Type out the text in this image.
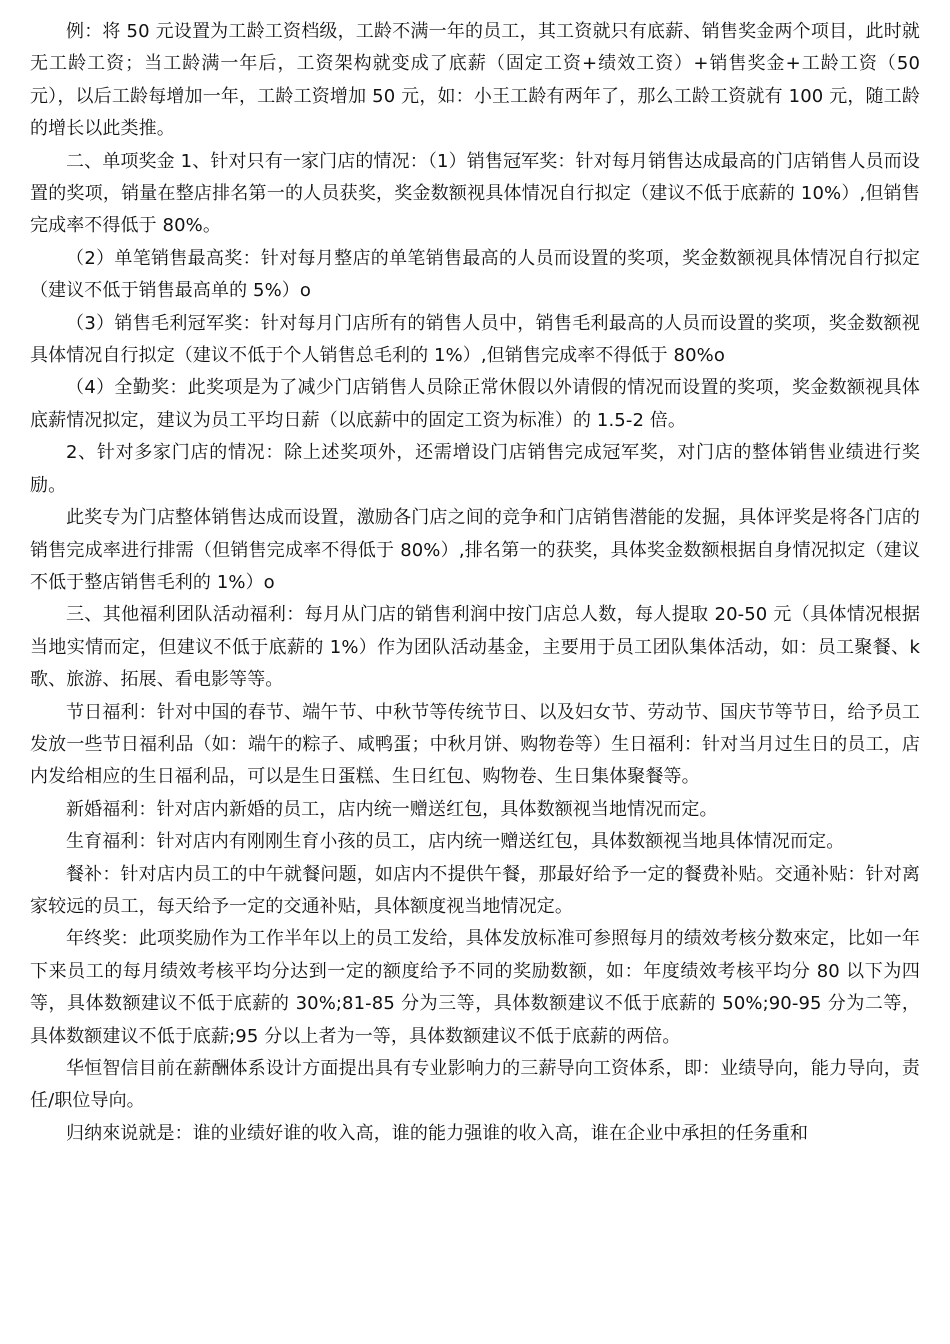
例：将 50 元设置为工龄工资档级，工龄不满一年的员工，其工资就只有底薪、销售奖金两个项目，此时就无工龄工资；当工龄满一年后，工资架构就变成了底薪（固定工资+绩效工资）+销售奖金+工龄工资（50 元），以后工龄每增加一年，工龄工资增加 50 元，如：小王工龄有两年了，那么工龄工资就有 100 元，随工龄的增长以此类推。

二、单项奖金 1、针对只有一家门店的情况：（1）销售冠军奖：针对每月销售达成最高的门店销售人员而设置的奖项，销量在整店排名第一的人员获奖，奖金数额视具体情况自行拟定（建议不低于底薪的 10%）,但销售完成率不得低于 80%。

（2）单笔销售最高奖：针对每月整店的单笔销售最高的人员而设置的奖项，奖金数额视具体情况自行拟定（建议不低于销售最高单的 5%）o

（3）销售毛利冠军奖：针对每月门店所有的销售人员中，销售毛利最高的人员而设置的奖项，奖金数额视具体情况自行拟定（建议不低于个人销售总毛利的 1%）,但销售完成率不得低于 80%o

（4）全勤奖：此奖项是为了减少门店销售人员除正常休假以外请假的情况而设置的奖项，奖金数额视具体底薪情况拟定，建议为员工平均日薪（以底薪中的固定工资为标准）的 1.5-2 倍。

2、针对多家门店的情况：除上述奖项外，还需增设门店销售完成冠军奖，对门店的整体销售业绩进行奖励。

此奖专为门店整体销售达成而设置，激励各门店之间的竞争和门店销售潜能的发掘，具体评奖是将各门店的销售完成率进行排需（但销售完成率不得低于 80%）,排名第一的获奖，具体奖金数额根据自身情况拟定（建议不低于整店销售毛利的 1%）o

三、其他福利团队活动福利：每月从门店的销售利润中按门店总人数，每人提取 20-50 元（具体情况根据当地实情而定，但建议不低于底薪的 1%）作为团队活动基金，主要用于员工团队集体活动，如：员工聚餐、k 歌、旅游、拓展、看电影等等。

节日福利：针对中国的春节、端午节、中秋节等传统节日、以及妇女节、劳动节、国庆节等节日，给予员工发放一些节日福利品（如：端午的粽子、咸鸭蛋；中秋月饼、购物卷等）生日福利：针对当月过生日的员工，店内发给相应的生日福利品，可以是生日蛋糕、生日红包、购物卷、生日集体聚餐等。

新婚福利：针对店内新婚的员工，店内统一赠送红包，具体数额视当地情况而定。

生育福利：针对店内有刚刚生育小孩的员工，店内统一赠送红包，具体数额视当地具体情况而定。

餐补：针对店内员工的中午就餐问题，如店内不提供午餐，那最好给予一定的餐费补贴。交通补贴：针对离家较远的员工，每天给予一定的交通补贴，具体额度视当地情况定。

年终奖：此项奖励作为工作半年以上的员工发给，具体发放标准可参照每月的绩效考核分数來定，比如一年下来员工的每月绩效考核平均分达到一定的额度给予不同的奖励数额，如：年度绩效考核平均分 80 以下为四等，具体数额建议不低于底薪的 30%;81-85 分为三等，具体数额建议不低于底薪的 50%;90-95 分为二等，具体数额建议不低于底薪;95 分以上者为一等，具体数额建议不低于底薪的两倍。

华恒智信目前在薪酬体系设计方面提出具有专业影响力的三薪导向工资体系，即：业绩导向，能力导向，责任/职位导向。

归纳來说就是：谁的业绩好谁的收入高，谁的能力强谁的收入高，谁在企业中承担的任务重和
